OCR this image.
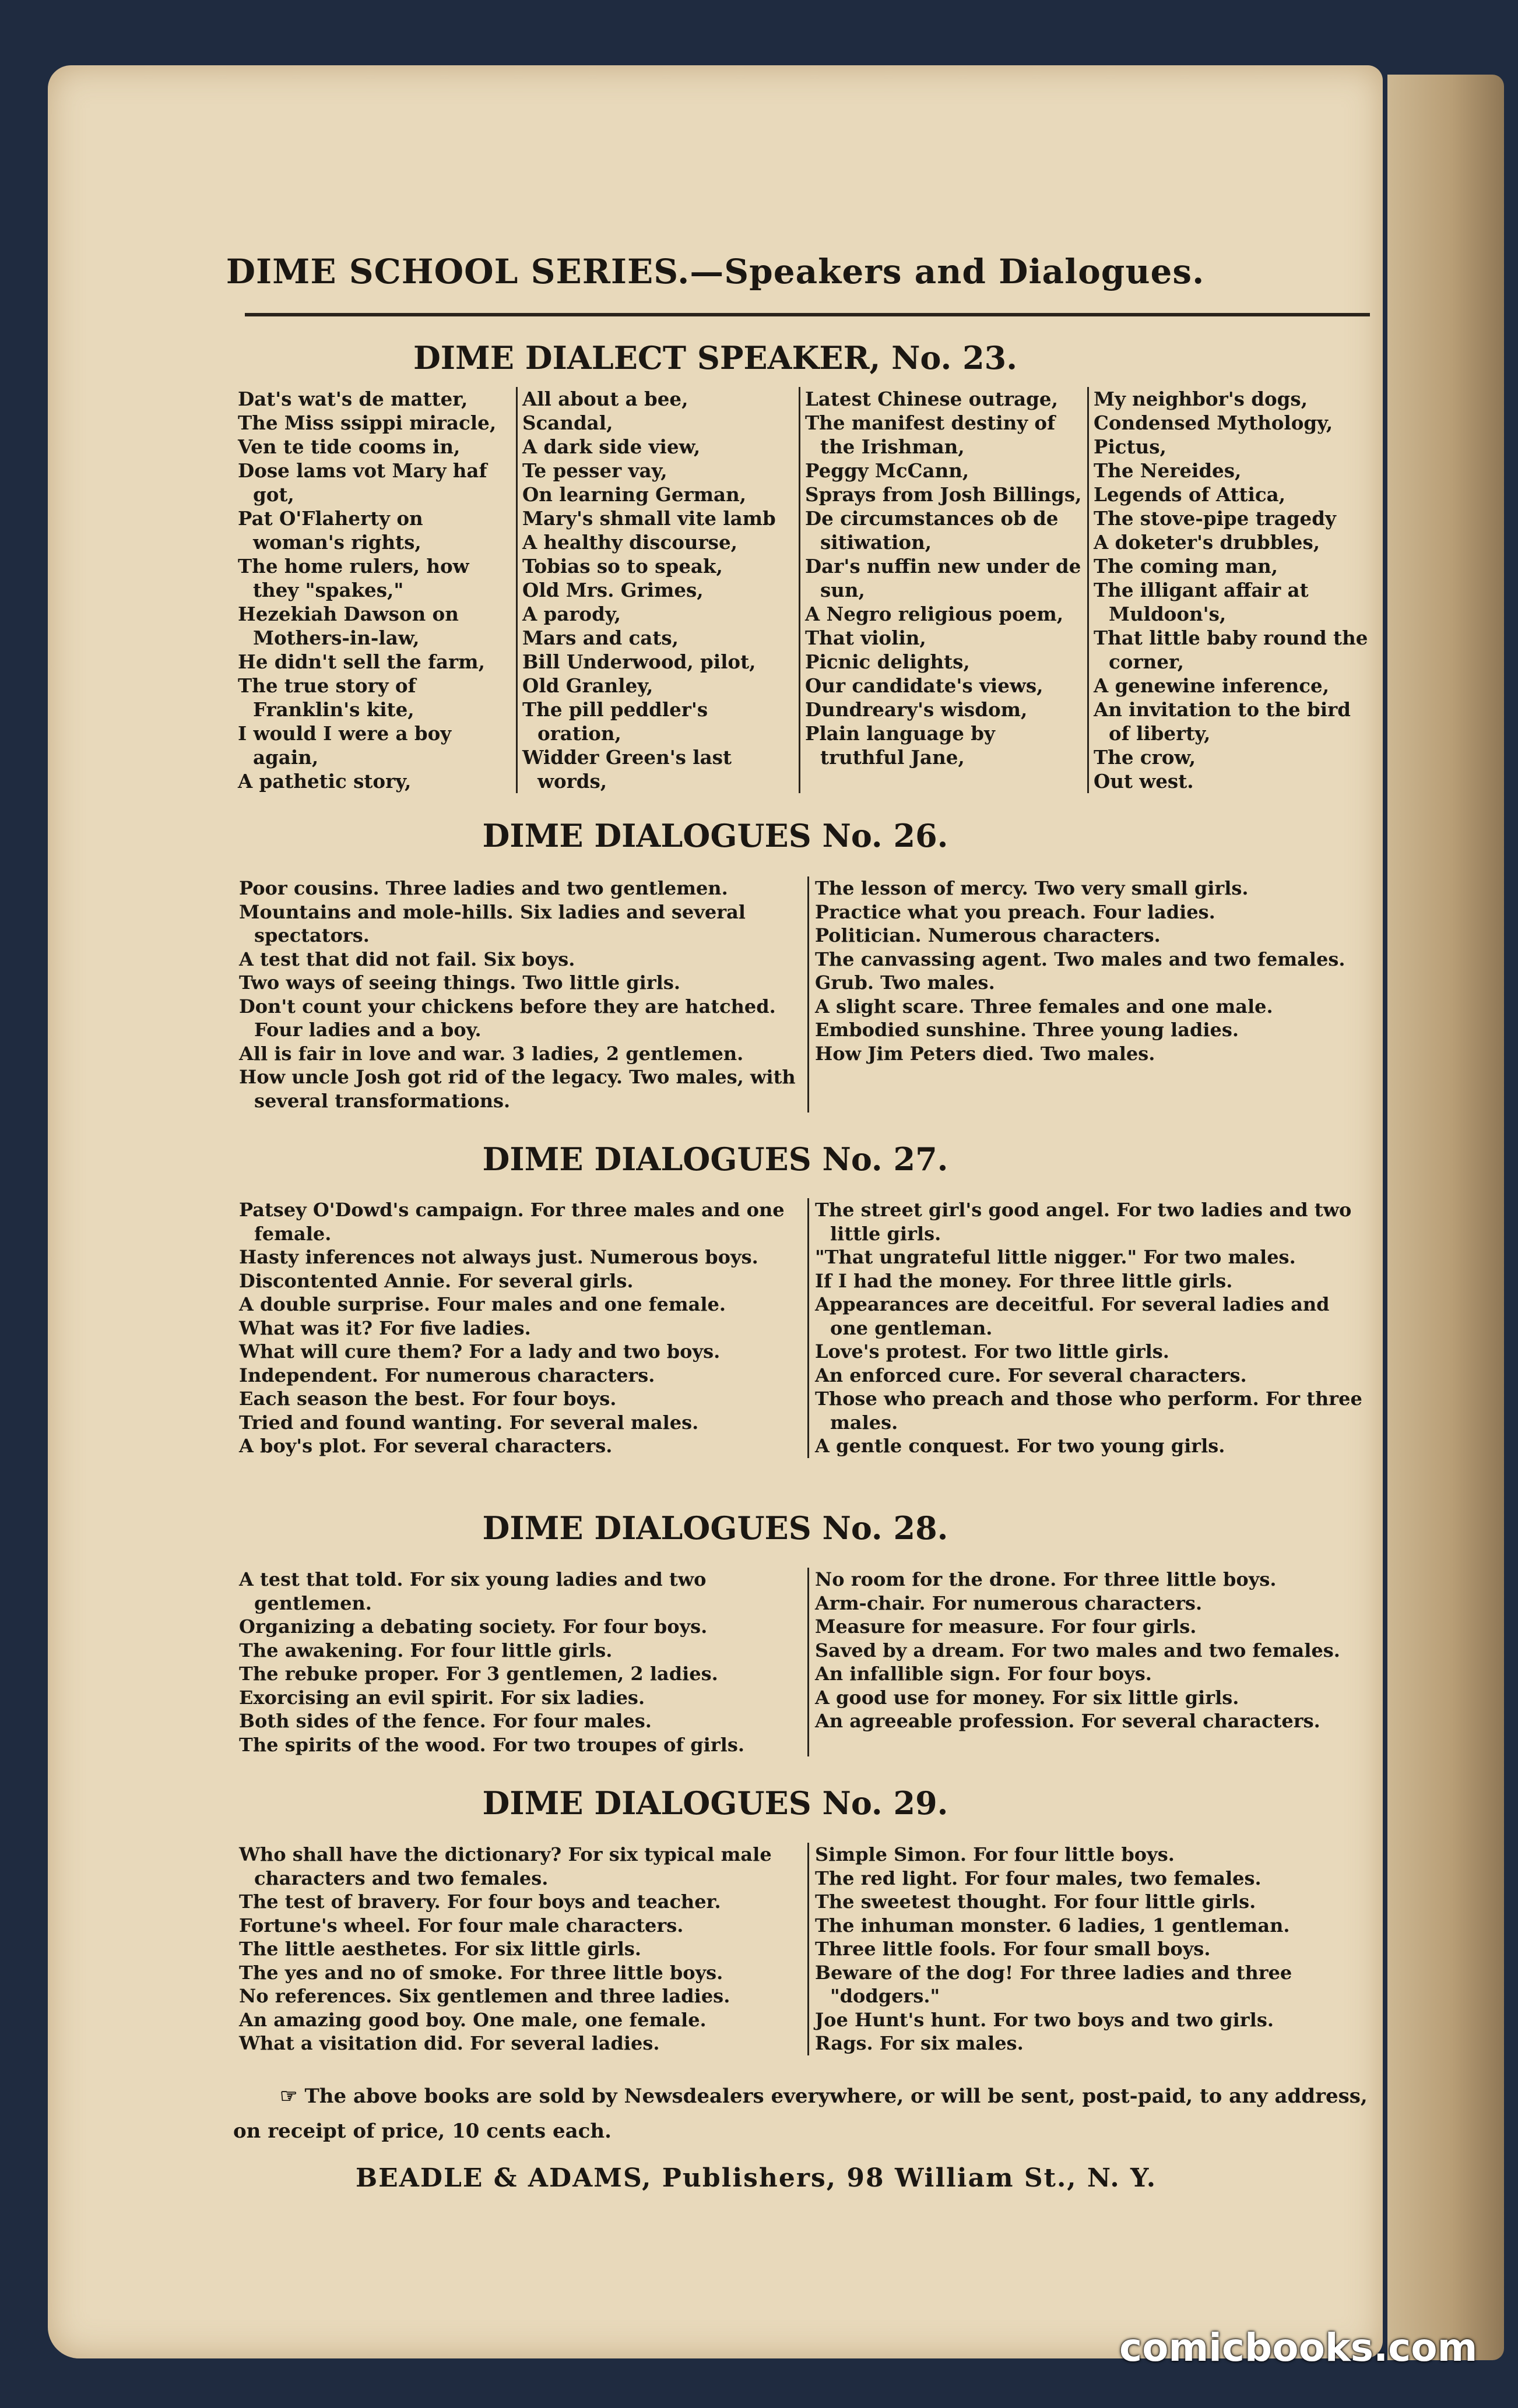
DIME SCHOOL SERIES.—Speakers and Dialogues.
DIME DIALECT SPEAKER, No. 23.
Dat's wat's de matter,
The Miss ssippi miracle,
Ven te tide cooms in,
Dose lams vot Mary haf got,
Pat O'Flaherty on woman's rights,
The home rulers, how they "spakes,"
Hezekiah Dawson on Mothers-in-law,
He didn't sell the farm,
The true story of Franklin's kite,
I would I were a boy again,
A pathetic story,
All about a bee,
Scandal,
A dark side view,
Te pesser vay,
On learning German,
Mary's shmall vite lamb
A healthy discourse,
Tobias so to speak,
Old Mrs. Grimes,
A parody,
Mars and cats,
Bill Underwood, pilot,
Old Granley,
The pill peddler's oration,
Widder Green's last words,
Latest Chinese outrage,
The manifest destiny of the Irishman,
Peggy McCann,
Sprays from Josh Billings,
De circumstances ob de sitiwation,
Dar's nuffin new under de sun,
A Negro religious poem,
That violin,
Picnic delights,
Our candidate's views,
Dundreary's wisdom,
Plain language by truthful Jane,
My neighbor's dogs,
Condensed Mythology,
Pictus,
The Nereides,
Legends of Attica,
The stove-pipe tragedy
A doketer's drubbles,
The coming man,
The illigant affair at Muldoon's,
That little baby round the corner,
A genewine inference,
An invitation to the bird of liberty,
The crow,
Out west.
DIME DIALOGUES No. 26.
Poor cousins. Three ladies and two gentlemen.
Mountains and mole-hills. Six ladies and several spectators.
A test that did not fail. Six boys.
Two ways of seeing things. Two little girls.
Don't count your chickens before they are hatched. Four ladies and a boy.
All is fair in love and war. 3 ladies, 2 gentlemen.
How uncle Josh got rid of the legacy. Two males, with several transformations.
The lesson of mercy. Two very small girls.
Practice what you preach. Four ladies.
Politician. Numerous characters.
The canvassing agent. Two males and two females.
Grub. Two males.
A slight scare. Three females and one male.
Embodied sunshine. Three young ladies.
How Jim Peters died. Two males.
DIME DIALOGUES No. 27.
Patsey O'Dowd's campaign. For three males and one female.
Hasty inferences not always just. Numerous boys.
Discontented Annie. For several girls.
A double surprise. Four males and one female.
What was it? For five ladies.
What will cure them? For a lady and two boys.
Independent. For numerous characters.
Each season the best. For four boys.
Tried and found wanting. For several males.
A boy's plot. For several characters.
The street girl's good angel. For two ladies and two little girls.
"That ungrateful little nigger." For two males.
If I had the money. For three little girls.
Appearances are deceitful. For several ladies and one gentleman.
Love's protest. For two little girls.
An enforced cure. For several characters.
Those who preach and those who perform. For three males.
A gentle conquest. For two young girls.
DIME DIALOGUES No. 28.
A test that told. For six young ladies and two gentlemen.
Organizing a debating society. For four boys.
The awakening. For four little girls.
The rebuke proper. For 3 gentlemen, 2 ladies.
Exorcising an evil spirit. For six ladies.
Both sides of the fence. For four males.
The spirits of the wood. For two troupes of girls.
No room for the drone. For three little boys.
Arm-chair. For numerous characters.
Measure for measure. For four girls.
Saved by a dream. For two males and two females.
An infallible sign. For four boys.
A good use for money. For six little girls.
An agreeable profession. For several characters.
DIME DIALOGUES No. 29.
Who shall have the dictionary? For six typical male characters and two females.
The test of bravery. For four boys and teacher.
Fortune's wheel. For four male characters.
The little aesthetes. For six little girls.
The yes and no of smoke. For three little boys.
No references. Six gentlemen and three ladies.
An amazing good boy. One male, one female.
What a visitation did. For several ladies.
Simple Simon. For four little boys.
The red light. For four males, two females.
The sweetest thought. For four little girls.
The inhuman monster. 6 ladies, 1 gentleman.
Three little fools. For four small boys.
Beware of the dog! For three ladies and three "dodgers."
Joe Hunt's hunt. For two boys and two girls.
Rags. For six males.
☞ The above books are sold by Newsdealers everywhere, or will be sent, post-paid, to any address, on receipt of price, 10 cents each.
BEADLE & ADAMS, Publishers, 98 William St., N. Y.
comicbooks.com
